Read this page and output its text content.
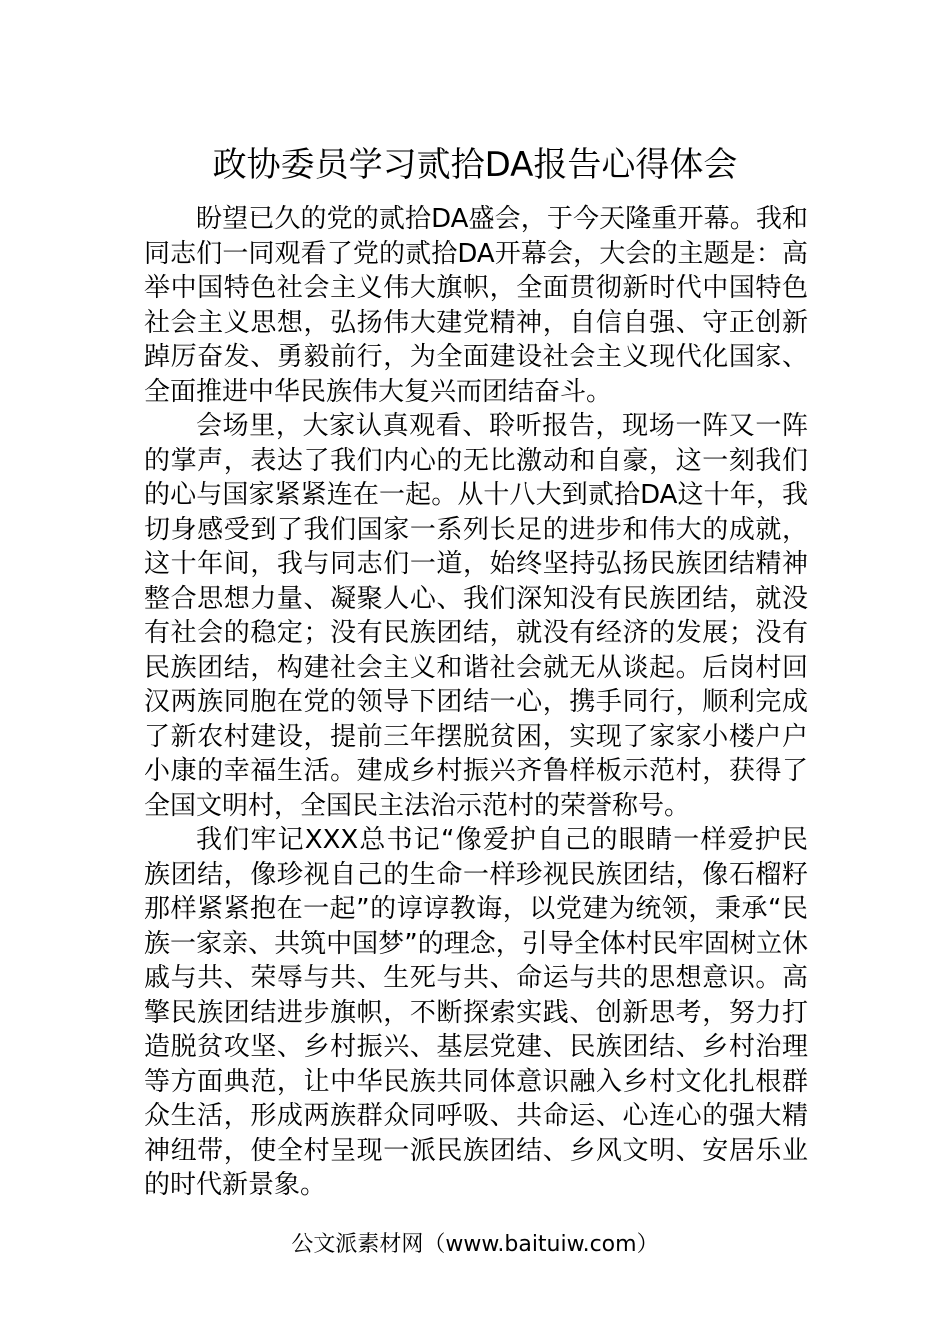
政协委员学习贰拾DA报告心得体会

盼望已久的党的贰拾DA盛会，于今天隆重开幕。我和同志们一同观看了党的贰拾DA开幕会，大会的主题是：高举中国特色社会主义伟大旗帜，全面贯彻新时代中国特色社会主义思想，弘扬伟大建党精神，自信自强、守正创新踔厉奋发、勇毅前行，为全面建设社会主义现代化国家、全面推进中华民族伟大复兴而团结奋斗。

会场里，大家认真观看、聆听报告，现场一阵又一阵的掌声，表达了我们内心的无比激动和自豪，这一刻我们的心与国家紧紧连在一起。从十八大到贰拾DA这十年，我切身感受到了我们国家一系列长足的进步和伟大的成就，这十年间，我与同志们一道，始终坚持弘扬民族团结精神整合思想力量、凝聚人心、我们深知没有民族团结，就没有社会的稳定；没有民族团结，就没有经济的发展；没有民族团结，构建社会主义和谐社会就无从谈起。后岗村回汉两族同胞在党的领导下团结一心，携手同行，顺利完成了新农村建设，提前三年摆脱贫困，实现了家家小楼户户小康的幸福生活。建成乡村振兴齐鲁样板示范村，获得了全国文明村，全国民主法治示范村的荣誉称号。

我们牢记XXX总书记“像爱护自己的眼睛一样爱护民族团结，像珍视自己的生命一样珍视民族团结，像石榴籽那样紧紧抱在一起”的谆谆教诲，以党建为统领，秉承“民族一家亲、共筑中国梦”的理念，引导全体村民牢固树立休戚与共、荣辱与共、生死与共、命运与共的思想意识。高擎民族团结进步旗帜，不断探索实践、创新思考，努力打造脱贫攻坚、乡村振兴、基层党建、民族团结、乡村治理等方面典范，让中华民族共同体意识融入乡村文化扎根群众生活，形成两族群众同呼吸、共命运、心连心的强大精神纽带，使全村呈现一派民族团结、乡风文明、安居乐业的时代新景象。

公文派素材网（www.baituiw.com）
